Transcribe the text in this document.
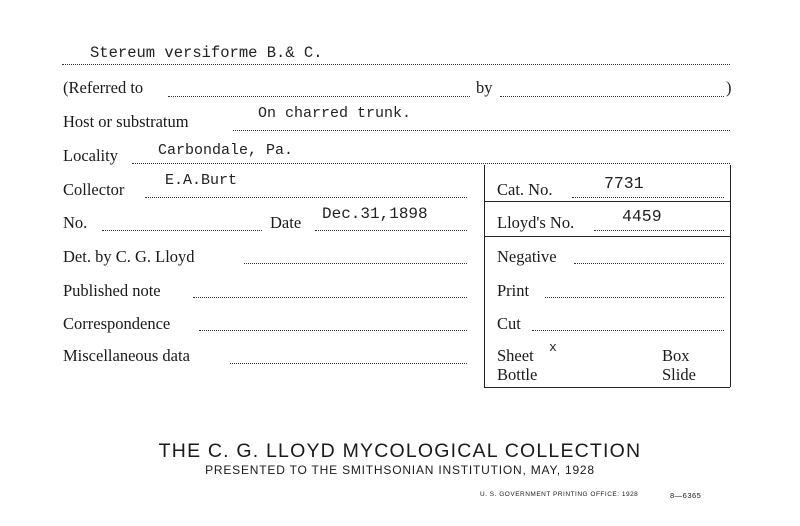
Stereum versiforme B.& C.
(Referred to	by	)
Host or substratum	On charred trunk.
Locality	Carbondale, Pa.
Collector	E.A.Burt	Cat. No.	7731
No.	Date Dec.31,1898	Lloyd's No.	4459
Det. by C. G. Lloyd	Negative
Published note	Print
Correspondence	Cut
Miscellaneous data	Sheet x	Box
Bottle	Slide
THE C. G. LLOYD MYCOLOGICAL COLLECTION
PRESENTED TO THE SMITHSONIAN INSTITUTION, MAY, 1928
U. S. GOVERNMENT PRINTING OFFICE: 1928	8—6365
